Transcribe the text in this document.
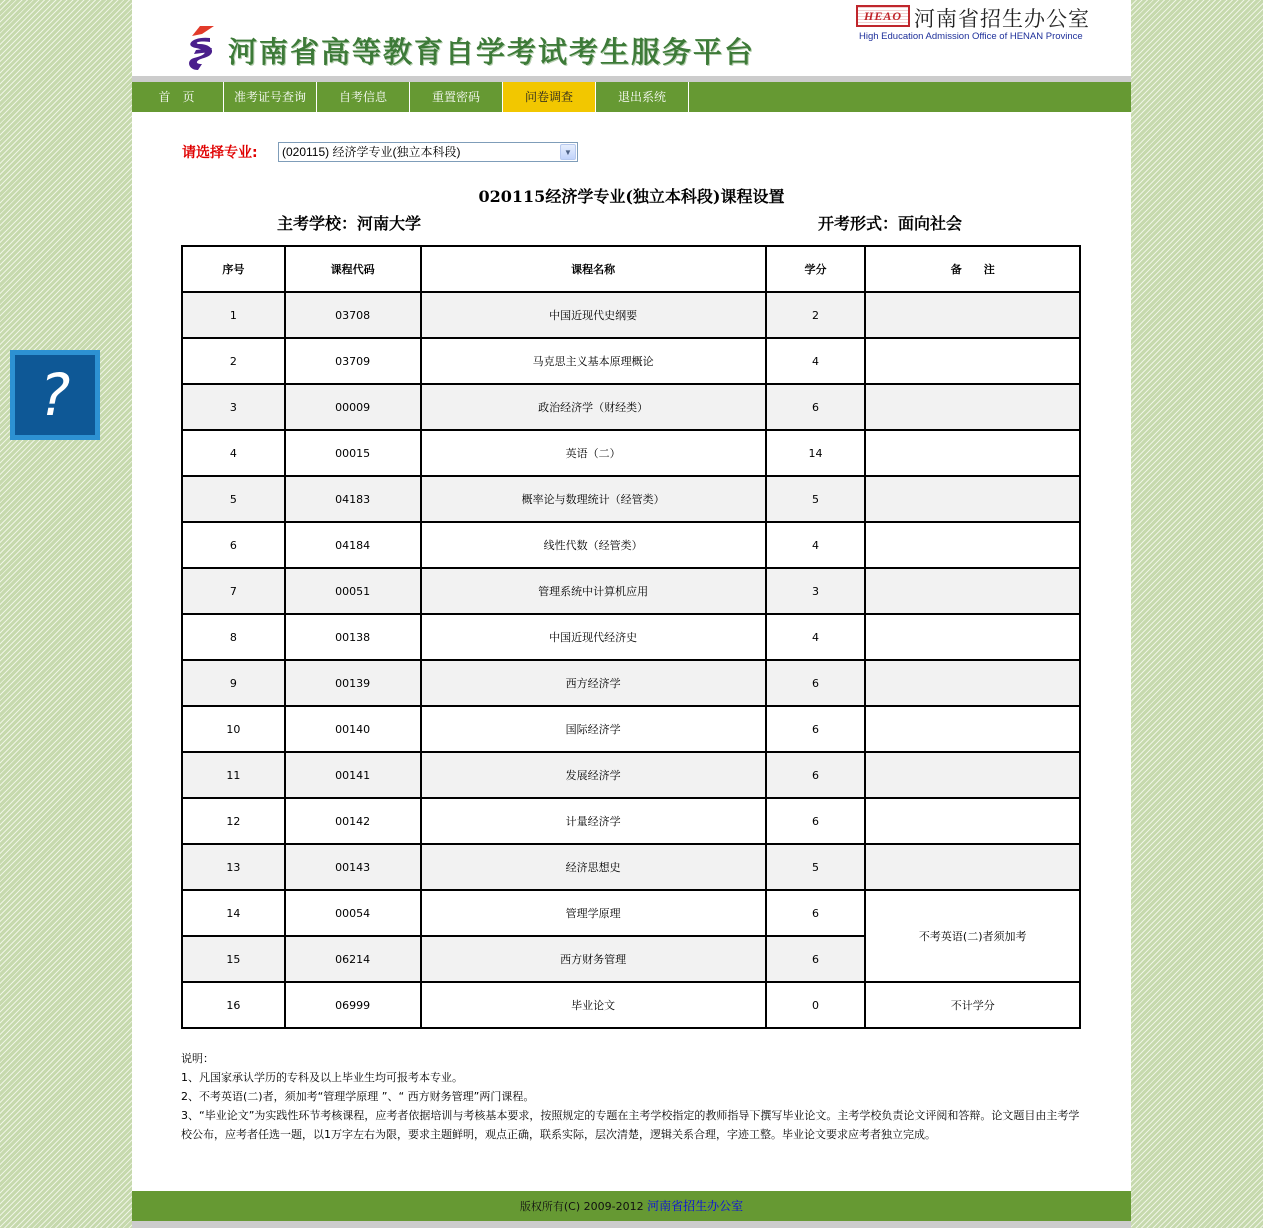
?
河南省高等教育自学考试考生服务平台
HEAO 河南省招生办公室
High Education Admission Office of HENAN Province
首页	准考证号查询	自考信息	重置密码	问卷调查	退出系统
请选择专业:	(020115) 经济学专业(独立本科段)	▼
020115经济学专业(独立本科段)课程设置
主考学校：河南大学	开考形式：面向社会
序号	课程代码	课程名称	学分	备　　注
1	03708	中国近现代史纲要	2	
2	03709	马克思主义基本原理概论	4	
3	00009	政治经济学（财经类）	6	
4	00015	英语（二）	14	
5	04183	概率论与数理统计（经管类）	5	
6	04184	线性代数（经管类）	4	
7	00051	管理系统中计算机应用	3	
8	00138	中国近现代经济史	4	
9	00139	西方经济学	6	
10	00140	国际经济学	6	
11	00141	发展经济学	6	
12	00142	计量经济学	6	
13	00143	经济思想史	5	
14	00054	管理学原理	6	不考英语(二)者须加考
15	06214	西方财务管理	6	
16	06999	毕业论文	0	不计学分
说明：
1、凡国家承认学历的专科及以上毕业生均可报考本专业。
2、不考英语(二)者，须加考“管理学原理 ”、“ 西方财务管理”两门课程。
3、“毕业论文”为实践性环节考核课程，应考者依据培训与考核基本要求，按照规定的专题在主考学校指定的教师指导下撰写毕业论文。主考学校负责论文评阅和答辩。论文题目由主考学校公布，应考者任选一题，以1万字左右为限，要求主题鲜明，观点正确，联系实际，层次清楚，逻辑关系合理，字迹工整。毕业论文要求应考者独立完成。
版权所有(C) 2009-2012 河南省招生办公室
